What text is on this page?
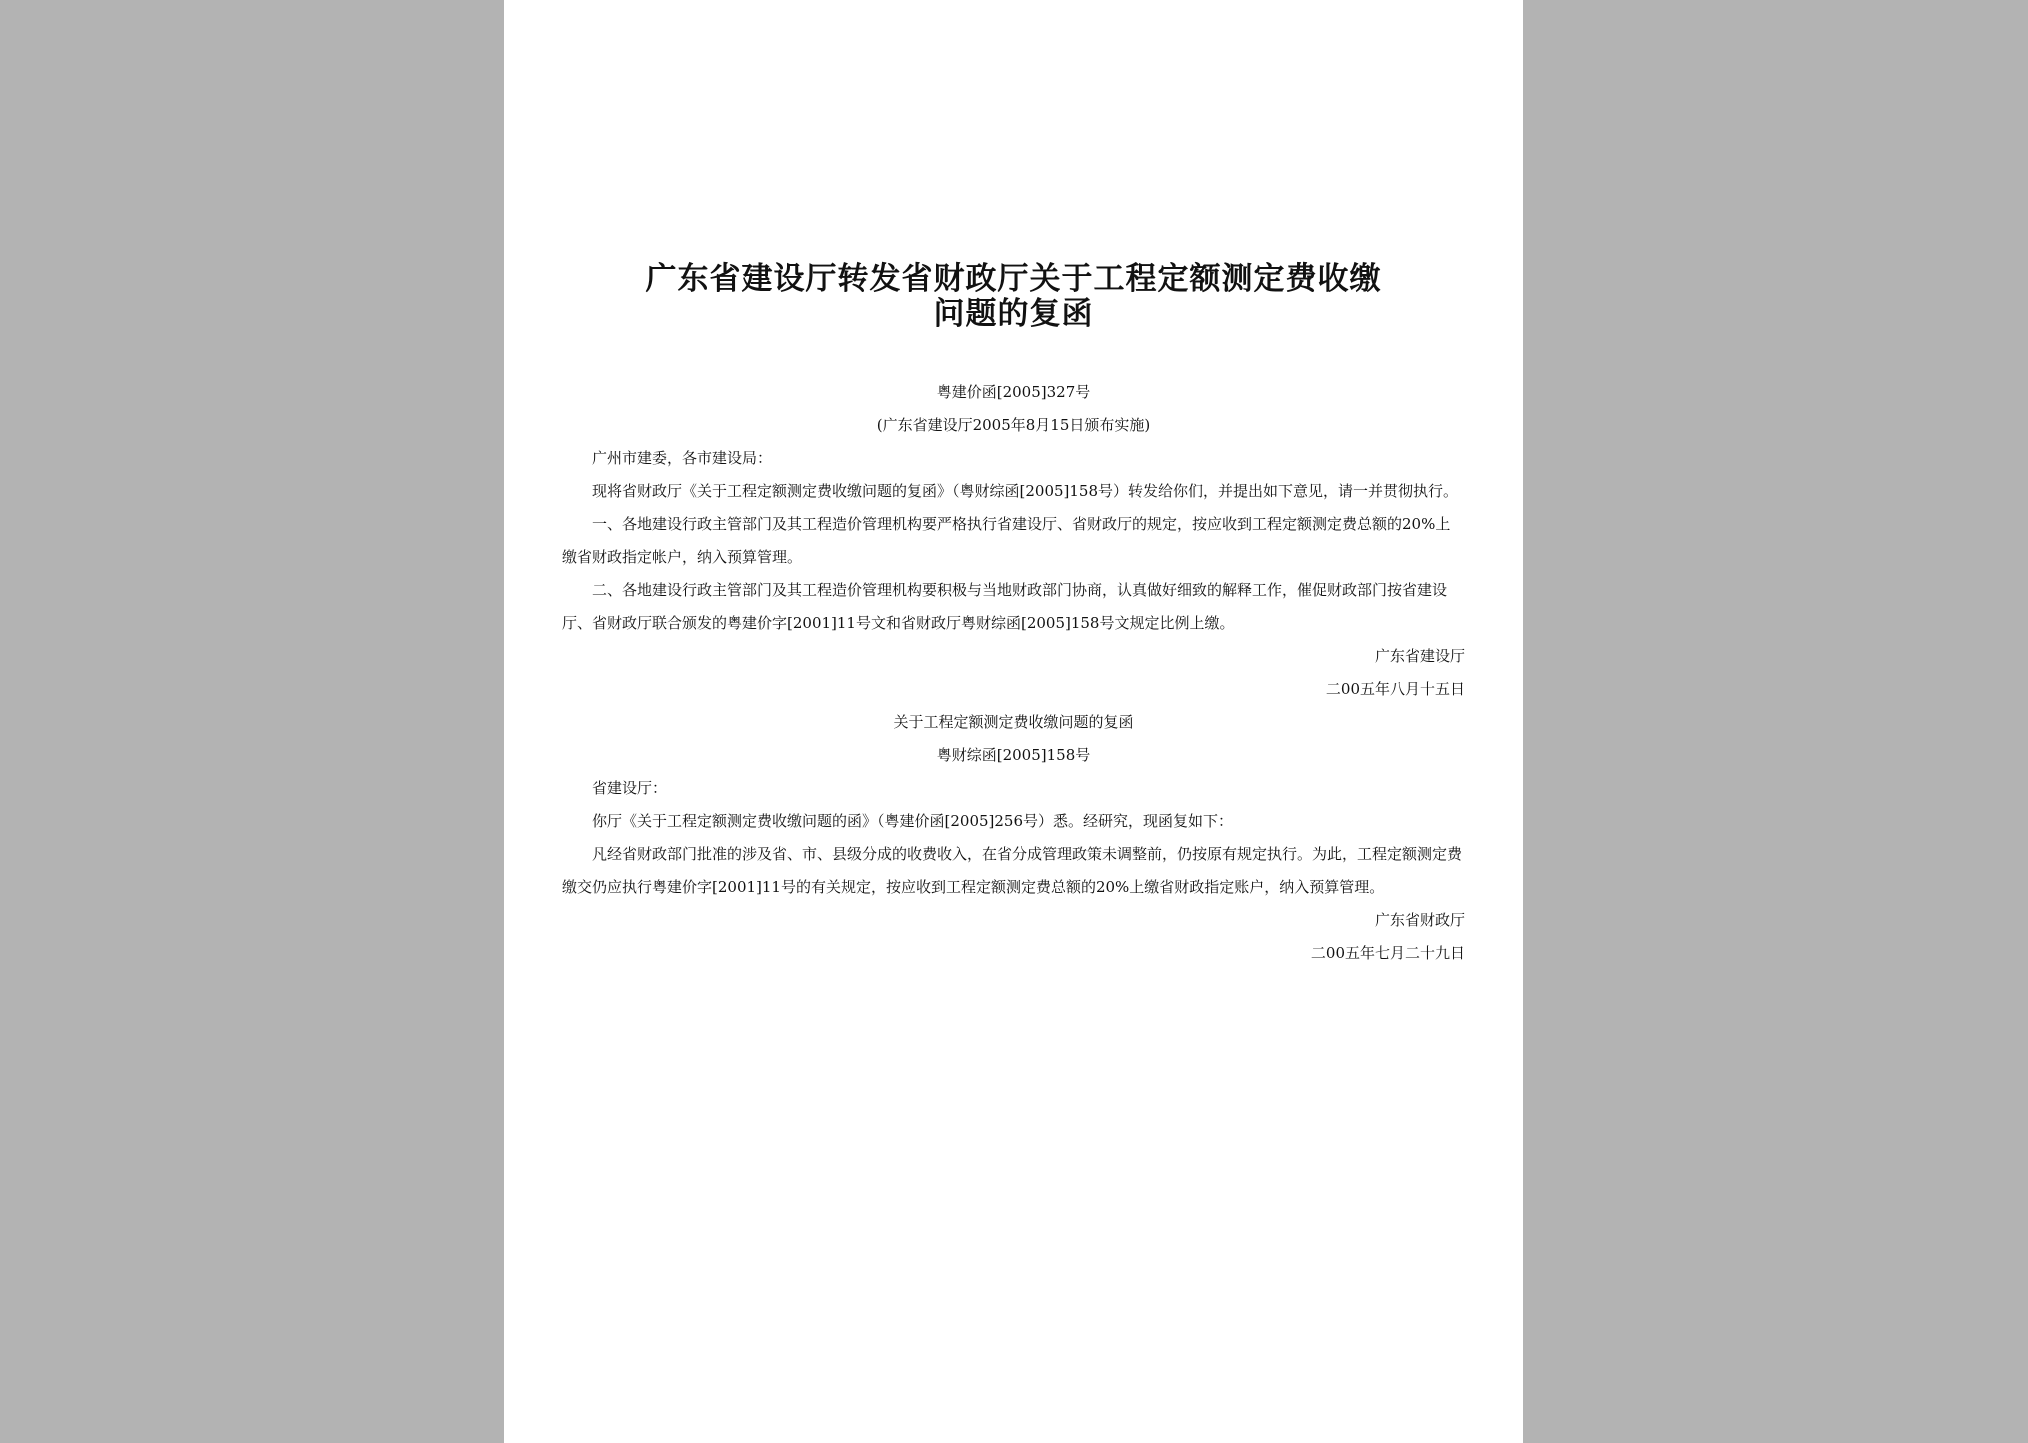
广东省建设厅转发省财政厅关于工程定额测定费收缴
问题的复函

粤建价函[2005]327号

(广东省建设厅2005年8月15日颁布实施)

广州市建委，各市建设局：

现将省财政厅《关于工程定额测定费收缴问题的复函》（粤财综函[2005]158号）转发给你们，并提出如下意见，请一并贯彻执行。

一、各地建设行政主管部门及其工程造价管理机构要严格执行省建设厅、省财政厅的规定，按应收到工程定额测定费总额的20%上缴省财政指定帐户，纳入预算管理。

二、各地建设行政主管部门及其工程造价管理机构要积极与当地财政部门协商，认真做好细致的解释工作，催促财政部门按省建设厅、省财政厅联合颁发的粤建价字[2001]11号文和省财政厅粤财综函[2005]158号文规定比例上缴。

广东省建设厅

二00五年八月十五日

关于工程定额测定费收缴问题的复函

粤财综函[2005]158号

省建设厅：

你厅《关于工程定额测定费收缴问题的函》（粤建价函[2005]256号）悉。经研究，现函复如下：

凡经省财政部门批准的涉及省、市、县级分成的收费收入，在省分成管理政策未调整前，仍按原有规定执行。为此，工程定额测定费缴交仍应执行粤建价字[2001]11号的有关规定，按应收到工程定额测定费总额的20%上缴省财政指定账户，纳入预算管理。

广东省财政厅

二00五年七月二十九日
